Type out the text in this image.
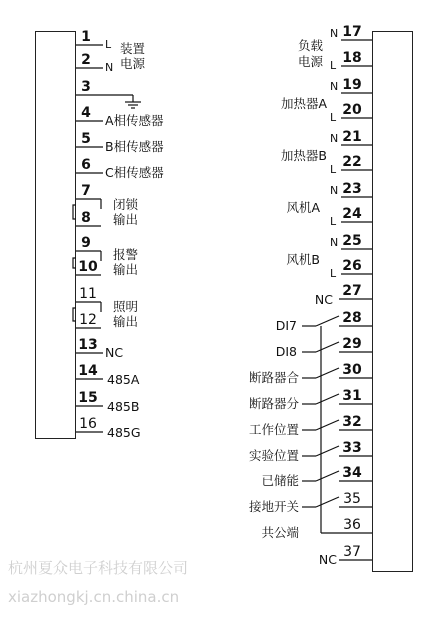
1
2
3
4
5
6
7
8
9
10
11
12
13
14
15
16
L
N
A相传感器
B相传感器
C相传感器
NC
485A
485B
485G
装置
电源
闭锁
输出
报警
输出
照明
输出
17
18
19
20
21
22
23
24
25
26
27
28
29
30
31
32
33
34
35
36
37
N
L
N
L
N
L
N
L
N
L
负载
电源
加热器A
加热器B
风机A
风机B
NC
DI7
DI8
断路器合
断路器分
工作位置
实验位置
已储能
接地开关
共公端
NC
杭州夏众电子科技有限公司
xiazhongkj.cn.china.cn
